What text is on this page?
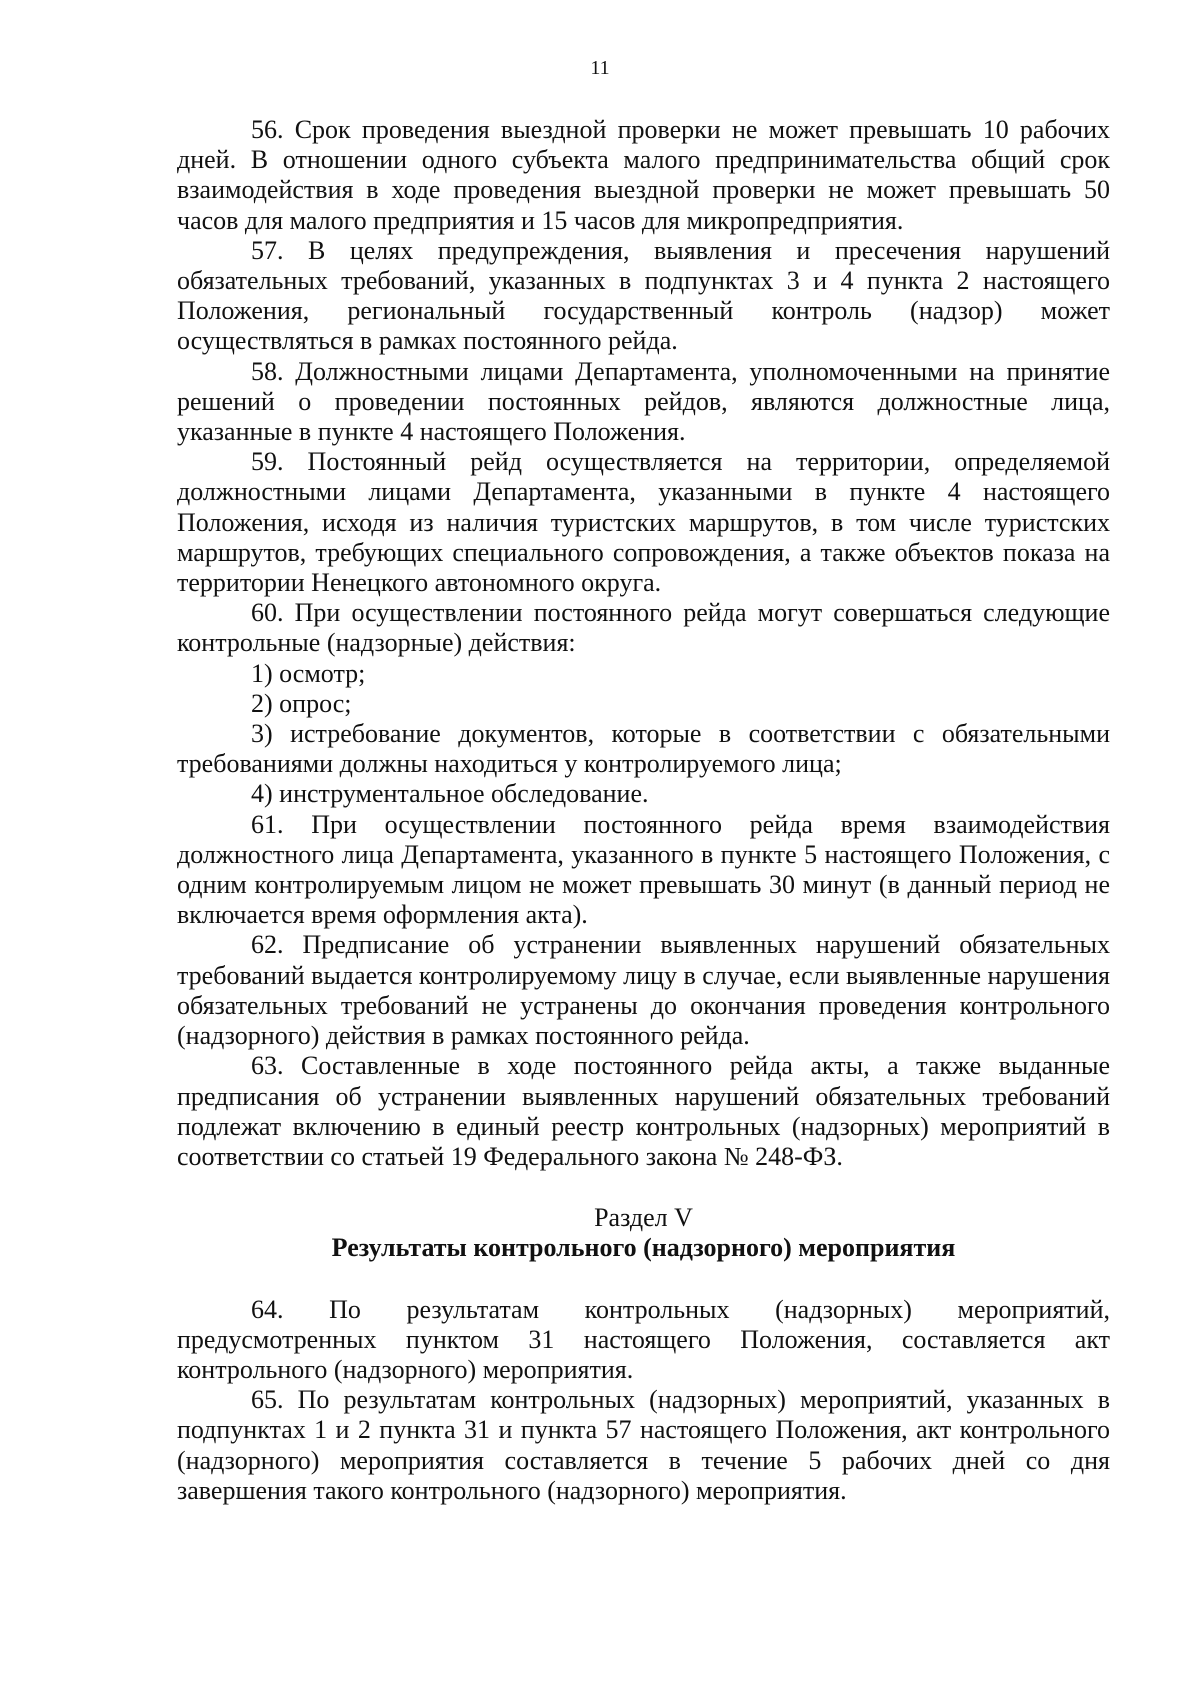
11

56. Срок проведения выездной проверки не может превышать 10 рабочих дней. В отношении одного субъекта малого предпринимательства общий срок взаимодействия в ходе проведения выездной проверки не может превышать 50 часов для малого предприятия и 15 часов для микропредприятия.

57. В целях предупреждения, выявления и пресечения нарушений обязательных требований, указанных в подпунктах 3 и 4 пункта 2 настоящего Положения, региональный государственный контроль (надзор) может осуществляться в рамках постоянного рейда.

58. Должностными лицами Департамента, уполномоченными на принятие решений о проведении постоянных рейдов, являются должностные лица, указанные в пункте 4 настоящего Положения.

59. Постоянный рейд осуществляется на территории, определяемой должностными лицами Департамента, указанными в пункте 4 настоящего Положения, исходя из наличия туристских маршрутов, в том числе туристских маршрутов, требующих специального сопровождения, а также объектов показа на территории Ненецкого автономного округа.

60. При осуществлении постоянного рейда могут совершаться следующие контрольные (надзорные) действия:

1) осмотр;

2) опрос;

3) истребование документов, которые в соответствии с обязательными требованиями должны находиться у контролируемого лица;

4) инструментальное обследование.

61. При осуществлении постоянного рейда время взаимодействия должностного лица Департамента, указанного в пункте 5 настоящего Положения, с одним контролируемым лицом не может превышать 30 минут (в данный период не включается время оформления акта).

62. Предписание об устранении выявленных нарушений обязательных требований выдается контролируемому лицу в случае, если выявленные нарушения обязательных требований не устранены до окончания проведения контрольного (надзорного) действия в рамках постоянного рейда.

63. Составленные в ходе постоянного рейда акты, а также выданные предписания об устранении выявленных нарушений обязательных требований подлежат включению в единый реестр контрольных (надзорных) мероприятий в соответствии со статьей 19 Федерального закона № 248-ФЗ.

Раздел V

Результаты контрольного (надзорного) мероприятия

64. По результатам контрольных (надзорных) мероприятий, предусмотренных пунктом 31 настоящего Положения, составляется акт контрольного (надзорного) мероприятия.

65. По результатам контрольных (надзорных) мероприятий, указанных в подпунктах 1 и 2 пункта 31 и пункта 57 настоящего Положения, акт контрольного (надзорного) мероприятия составляется в течение 5 рабочих дней со дня завершения такого контрольного (надзорного) мероприятия.
